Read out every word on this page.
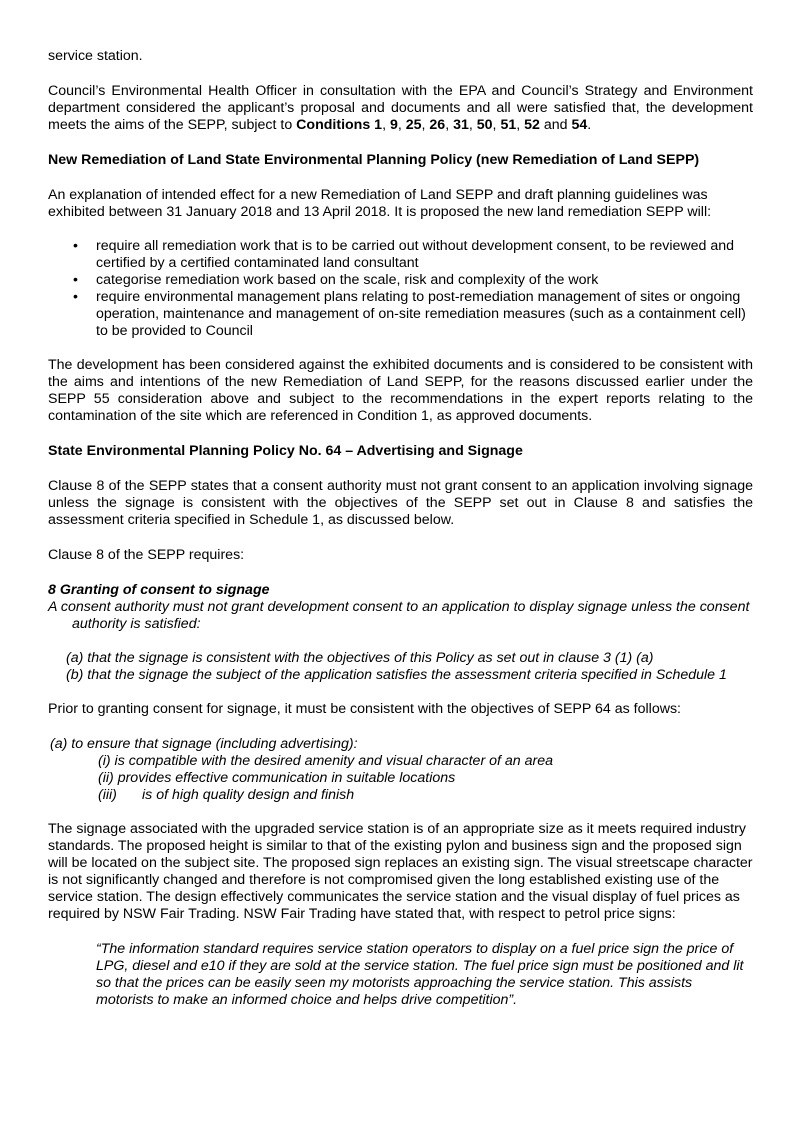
service station.

Council’s Environmental Health Officer in consultation with the EPA and Council’s Strategy and Environment department considered the applicant’s proposal and documents and all were satisfied that, the development meets the aims of the SEPP, subject to Conditions 1, 9, 25, 26, 31, 50, 51, 52 and 54.

New Remediation of Land State Environmental Planning Policy (new Remediation of Land SEPP)

An explanation of intended effect for a new Remediation of Land SEPP and draft planning guidelines was exhibited between 31 January 2018 and 13 April 2018. It is proposed the new land remediation SEPP will:

• require all remediation work that is to be carried out without development consent, to be reviewed and certified by a certified contaminated land consultant
• categorise remediation work based on the scale, risk and complexity of the work
• require environmental management plans relating to post-remediation management of sites or ongoing operation, maintenance and management of on-site remediation measures (such as a containment cell) to be provided to Council

The development has been considered against the exhibited documents and is considered to be consistent with the aims and intentions of the new Remediation of Land SEPP, for the reasons discussed earlier under the SEPP 55 consideration above and subject to the recommendations in the expert reports relating to the contamination of the site which are referenced in Condition 1, as approved documents.

State Environmental Planning Policy No. 64 – Advertising and Signage

Clause 8 of the SEPP states that a consent authority must not grant consent to an application involving signage unless the signage is consistent with the objectives of the SEPP set out in Clause 8 and satisfies the assessment criteria specified in Schedule 1, as discussed below.

Clause 8 of the SEPP requires:

8 Granting of consent to signage

A consent authority must not grant development consent to an application to display signage unless the consent authority is satisfied:

(a) that the signage is consistent with the objectives of this Policy as set out in clause 3 (1) (a)

(b) that the signage the subject of the application satisfies the assessment criteria specified in Schedule 1

Prior to granting consent for signage, it must be consistent with the objectives of SEPP 64 as follows:

(a) to ensure that signage (including advertising):

(i) is compatible with the desired amenity and visual character of an area

(ii) provides effective communication in suitable locations

(iii) is of high quality design and finish

The signage associated with the upgraded service station is of an appropriate size as it meets required industry standards. The proposed height is similar to that of the existing pylon and business sign and the proposed sign will be located on the subject site. The proposed sign replaces an existing sign. The visual streetscape character is not significantly changed and therefore is not compromised given the long established existing use of the service station. The design effectively communicates the service station and the visual display of fuel prices as required by NSW Fair Trading. NSW Fair Trading have stated that, with respect to petrol price signs:

“The information standard requires service station operators to display on a fuel price sign the price of LPG, diesel and e10 if they are sold at the service station. The fuel price sign must be positioned and lit so that the prices can be easily seen my motorists approaching the service station. This assists motorists to make an informed choice and helps drive competition”.
